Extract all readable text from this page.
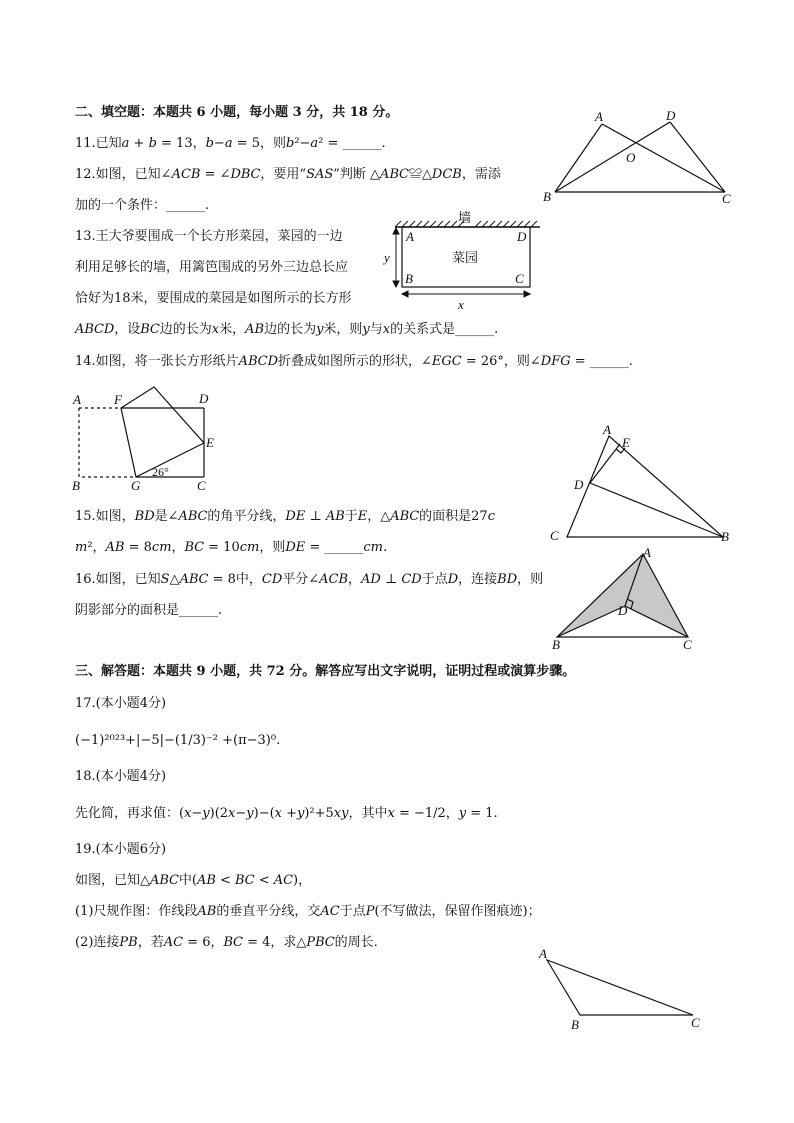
二、填空题：本题共 6 小题，每小题 3 分，共 18 分。
11.已知𝑎 + 𝑏 = 13，𝑏−𝑎 = 5，则𝑏²−𝑎² = ______.
12.如图，已知∠𝐴𝐶𝐵 = ∠𝐷𝐵𝐶，要用“𝑆𝐴𝑆”判断 △𝐴𝐵𝐶≌△𝐷𝐶𝐵，需添
加的一个条件：______.
13.王大爷要围成一个长方形菜园，菜园的一边
利用足够长的墙，用篱笆围成的另外三边总长应
恰好为18米，要围成的菜园是如图所示的长方形
𝐴𝐵𝐶𝐷，设𝐵𝐶边的长为𝑥米，𝐴𝐵边的长为𝑦米，则𝑦与𝑥的关系式是______.
14.如图，将一张长方形纸片𝐴𝐵𝐶𝐷折叠成如图所示的形状，∠𝐸𝐺𝐶 = 26°，则∠𝐷𝐹𝐺 = ______.
15.如图，𝐵𝐷是∠𝐴𝐵𝐶的角平分线，𝐷𝐸 ⊥ 𝐴𝐵于𝐸，△𝐴𝐵𝐶的面积是27𝑐
𝑚²，𝐴𝐵 = 8𝑐𝑚，𝐵𝐶 = 10𝑐𝑚，则𝐷𝐸 = ______𝑐𝑚.
16.如图，已知𝑆△𝐴𝐵𝐶 = 8中，𝐶𝐷平分∠𝐴𝐶𝐵，𝐴𝐷 ⊥ 𝐶𝐷于点𝐷，连接𝐵𝐷，则
阴影部分的面积是______.
三、解答题：本题共 9 小题，共 72 分。解答应写出文字说明，证明过程或演算步骤。
17.(本小题4分)
(−1)²⁰²³+|−5|−(1/3)⁻² +(π−3)⁰.
18.(本小题4分)
先化简，再求值：(𝑥−𝑦)(2𝑥−𝑦)−(𝑥 +𝑦)²+5𝑥𝑦，其中𝑥 = −1/2，𝑦 = 1.
19.(本小题6分)
如图，已知△𝐴𝐵𝐶中(𝐴𝐵 < 𝐵𝐶 < 𝐴𝐶)，
(1)尺规作图：作线段𝐴𝐵的垂直平分线，交𝐴𝐶于点𝑃(不写做法，保留作图痕迹)；
(2)连接𝑃𝐵，若𝐴𝐶 = 6，𝐵𝐶 = 4，求△𝑃𝐵𝐶的周长.
A	D
O
B	C
墙
菜园
A	D
B	C
y
x
A	F	D
E
B	G	C
26°
A
E
D
C	B
A
D
B	C
A
B	C
